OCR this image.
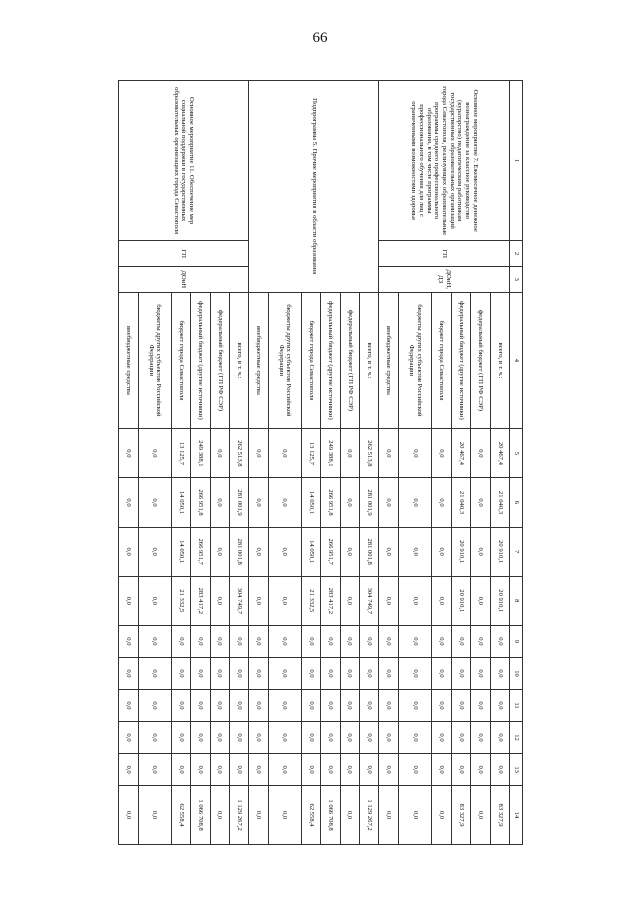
66
1	2	3	4	5	6	7	8	9	10	11	12	13	14
Основное мероприятие 7. Ежемесячное денежное вознаграждение за классное руководство (кураторство) педагогическим работникам государственных образовательных организаций города Севастополя, реализующих образовательные программы среднего профессионального образования, в том числе программы профессионального обучения для лиц с ограниченными возможностями здоровья	ГП	ДОиН, ДЗ	всего, в т. ч.:	20 467,4	21 040,3	20 910,1	20 910,1	0,0	0,0	0,0	0,0	0,0	83 327,9
			федеральный бюджет (ГП РФ СЭР)	0,0	0,0	0,0	0,0	0,0	0,0	0,0	0,0	0,0	0,0
			федеральный бюджет (другие источники)	20 467,4	21 040,3	20 910,1	20 910,1	0,0	0,0	0,0	0,0	0,0	83 327,9
			бюджет города Севастополя	0,0	0,0	0,0	0,0	0,0	0,0	0,0	0,0	0,0	0,0
			бюджеты других субъектов Российской Федерации	0,0	0,0	0,0	0,0	0,0	0,0	0,0	0,0	0,0	0,0
			внебюджетные средства	0,0	0,0	0,0	0,0	0,0	0,0	0,0	0,0	0,0	0,0
Подпрограмма 5. Прочие мероприятия в области образования			всего, в т. ч.:	262 513,8	281 001,9	281 001,8	304 749,7	0,0	0,0	0,0	0,0	0,0	1 129 267,2
			федеральный бюджет (ГП РФ СЭР)	0,0	0,0	0,0	0,0	0,0	0,0	0,0	0,0	0,0	0,0
			федеральный бюджет (другие источники)	249 388,1	266 951,8	266 951,7	283 417,2	0,0	0,0	0,0	0,0	0,0	1 066 708,8
			бюджет города Севастополя	13 125,7	14 050,1	14 050,1	21 332,5	0,0	0,0	0,0	0,0	0,0	62 558,4
			бюджеты других субъектов Российской Федерации	0,0	0,0	0,0	0,0	0,0	0,0	0,0	0,0	0,0	0,0
			внебюджетные средства	0,0	0,0	0,0	0,0	0,0	0,0	0,0	0,0	0,0	0,0
Основное мероприятие 11. Обеспечение мер социальной поддержки в государственных образовательных организациях города Севастополя	ГП	ДОиН	всего, в т. ч.:	262 513,8	281 001,9	281 001,8	304 749,7	0,0	0,0	0,0	0,0	0,0	1 129 267,2
			федеральный бюджет (ГП РФ СЭР)	0,0	0,0	0,0	0,0	0,0	0,0	0,0	0,0	0,0	0,0
			федеральный бюджет (другие источники)	249 388,1	266 951,8	266 951,7	283 417,2	0,0	0,0	0,0	0,0	0,0	1 066 708,8
			бюджет города Севастополя	13 125,7	14 050,1	14 050,1	21 332,5	0,0	0,0	0,0	0,0	0,0	62 558,4
			бюджеты других субъектов Российской Федерации	0,0	0,0	0,0	0,0	0,0	0,0	0,0	0,0	0,0	0,0
			внебюджетные средства	0,0	0,0	0,0	0,0	0,0	0,0	0,0	0,0	0,0	0,0
